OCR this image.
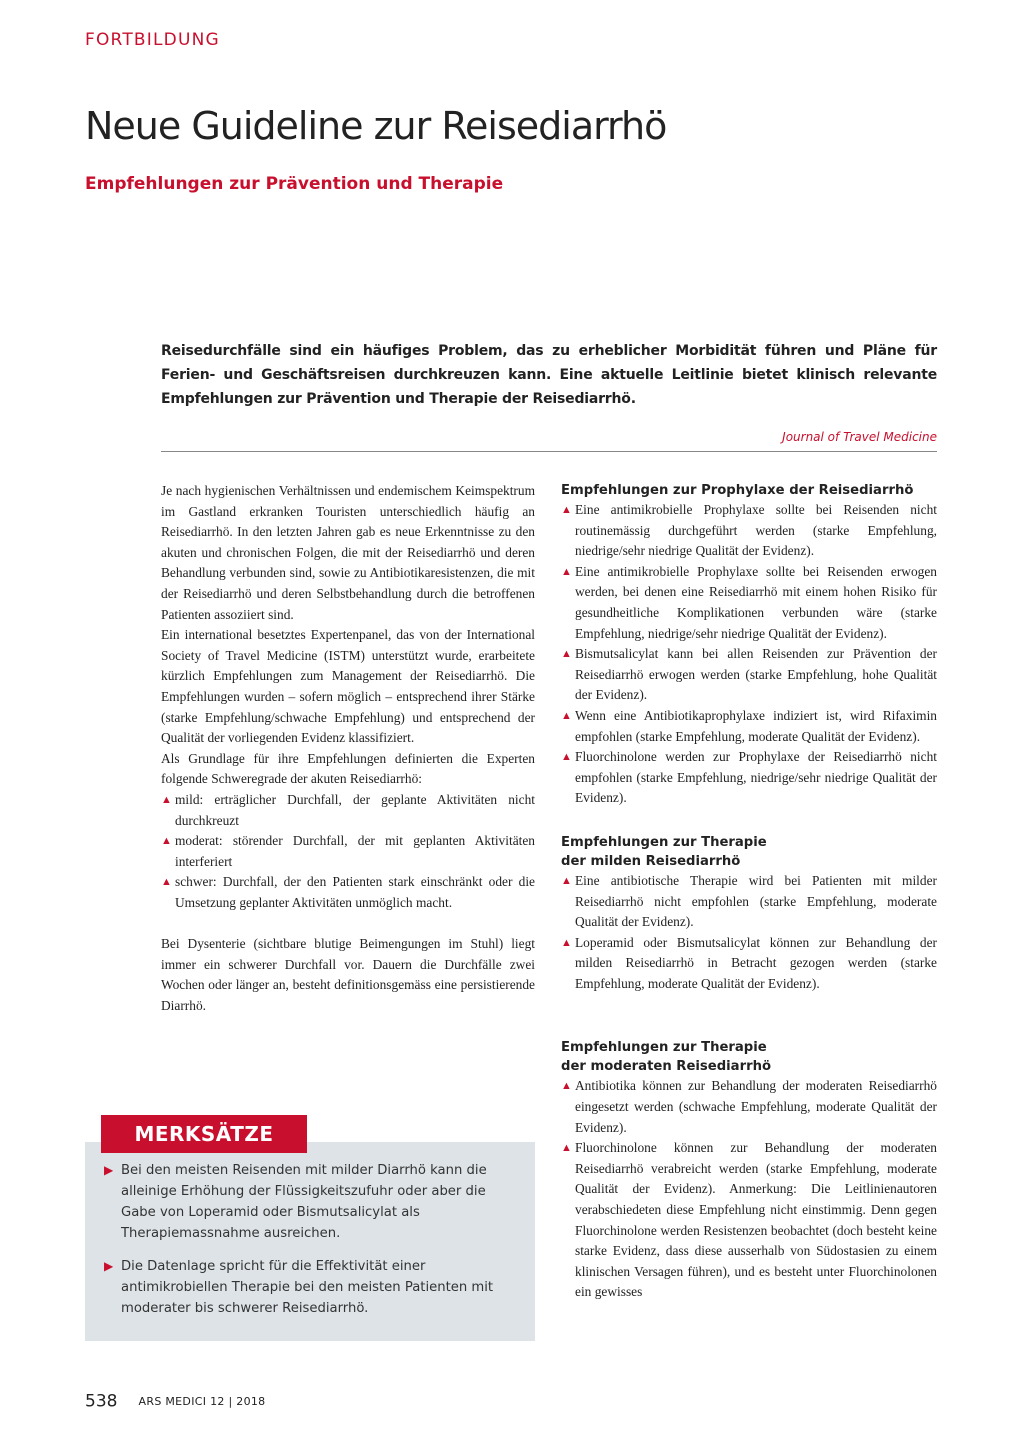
FORTBILDUNG
Neue Guideline zur Reisediarrhö
Empfehlungen zur Prävention und Therapie
Reisedurchfälle sind ein häufiges Problem, das zu erheblicher Morbidität führen und Pläne für Ferien- und Geschäftsreisen durchkreuzen kann. Eine aktuelle Leitlinie bietet klinisch relevante Empfehlungen zur Prävention und Therapie der Reisediarrhö.
Journal of Travel Medicine

Je nach hygienischen Verhältnissen und endemischem Keimspektrum im Gastland erkranken Touristen unterschiedlich häufig an Reisediarrhö. In den letzten Jahren gab es neue Erkenntnisse zu den akuten und chronischen Folgen, die mit der Reisediarrhö und deren Behandlung verbunden sind, sowie zu Antibiotikaresistenzen, die mit der Reisediarrhö und deren Selbstbehandlung durch die betroffenen Patienten assoziiert sind.

Ein international besetztes Expertenpanel, das von der International Society of Travel Medicine (ISTM) unterstützt wurde, erarbeitete kürzlich Empfehlungen zum Management der Reisediarrhö. Die Empfehlungen wurden – sofern möglich – entsprechend ihrer Stärke (starke Empfehlung/schwache Empfehlung) und entsprechend der Qualität der vorliegenden Evidenz klassifiziert.

Als Grundlage für ihre Empfehlungen definierten die Experten folgende Schweregrade der akuten Reisediarrhö:

▲ mild: erträglicher Durchfall, der geplante Aktivitäten nicht durchkreuzt
▲ moderat: störender Durchfall, der mit geplanten Aktivitäten interferiert
▲ schwer: Durchfall, der den Patienten stark einschränkt oder die Umsetzung geplanter Aktivitäten unmöglich macht.

Bei Dysenterie (sichtbare blutige Beimengungen im Stuhl) liegt immer ein schwerer Durchfall vor. Dauern die Durchfälle zwei Wochen oder länger an, besteht definitionsgemäss eine persistierende Diarrhö.

Empfehlungen zur Prophylaxe der Reisediarrhö
▲ Eine antimikrobielle Prophylaxe sollte bei Reisenden nicht routinemässig durchgeführt werden (starke Empfehlung, niedrige/sehr niedrige Qualität der Evidenz).
▲ Eine antimikrobielle Prophylaxe sollte bei Reisenden erwogen werden, bei denen eine Reisediarrhö mit einem hohen Risiko für gesundheitliche Komplikationen verbunden wäre (starke Empfehlung, niedrige/sehr niedrige Qualität der Evidenz).
▲ Bismutsalicylat kann bei allen Reisenden zur Prävention der Reisediarrhö erwogen werden (starke Empfehlung, hohe Qualität der Evidenz).
▲ Wenn eine Antibiotikaprophylaxe indiziert ist, wird Rifaximin empfohlen (starke Empfehlung, moderate Qualität der Evidenz).
▲ Fluorchinolone werden zur Prophylaxe der Reisediarrhö nicht empfohlen (starke Empfehlung, niedrige/sehr niedrige Qualität der Evidenz).
Empfehlungen zur Therapie
der milden Reisediarrhö
▲ Eine antibiotische Therapie wird bei Patienten mit milder Reisediarrhö nicht empfohlen (starke Empfehlung, moderate Qualität der Evidenz).
▲ Loperamid oder Bismutsalicylat können zur Behandlung der milden Reisediarrhö in Betracht gezogen werden (starke Empfehlung, moderate Qualität der Evidenz).
Empfehlungen zur Therapie
der moderaten Reisediarrhö
▲ Antibiotika können zur Behandlung der moderaten Reisediarrhö eingesetzt werden (schwache Empfehlung, moderate Qualität der Evidenz).
▲ Fluorchinolone können zur Behandlung der moderaten Reisediarrhö verabreicht werden (starke Empfehlung, moderate Qualität der Evidenz). Anmerkung: Die Leitlinienautoren verabschiedeten diese Empfehlung nicht einstimmig. Denn gegen Fluorchinolone werden Resistenzen beobachtet (doch besteht keine starke Evidenz, dass diese ausserhalb von Südostasien zu einem klinischen Versagen führen), und es besteht unter Fluorchinolonen ein gewisses
MERKSÄTZE
▶ Bei den meisten Reisenden mit milder Diarrhö kann die alleinige Erhöhung der Flüssigkeitszufuhr oder aber die Gabe von Loperamid oder Bismutsalicylat als Therapiemassnahme ausreichen.
▶ Die Datenlage spricht für die Effektivität einer antimikrobiellen Therapie bei den meisten Patienten mit moderater bis schwerer Reisediarrhö.
538 ARS MEDICI 12 | 2018
